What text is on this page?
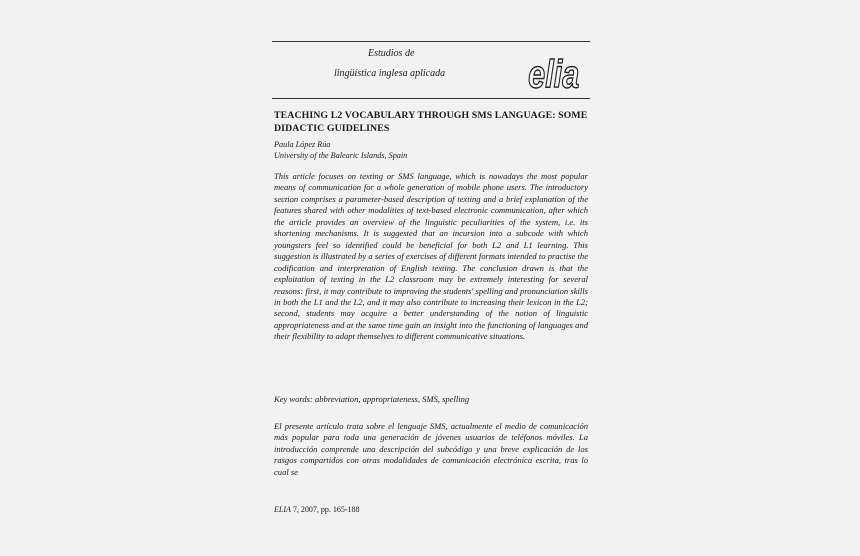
Estudios de
lingüística inglesa aplicada elia
TEACHING L2 VOCABULARY THROUGH SMS LANGUAGE: SOME DIDACTIC GUIDELINES
Paula López Rúa
University of the Balearic Islands, Spain

This article focuses on texting or SMS language, which is nowadays the most popular means of communication for a whole generation of mobile phone users. The introductory section comprises a parameter-based description of texting and a brief explanation of the features shared with other modalities of text-based electronic communication, after which the article provides an overview of the linguistic peculiarities of the system, i.e. its shortening mechanisms. It is suggested that an incursion into a subcode with which youngsters feel so identified could be beneficial for both L2 and L1 learning. This suggestion is illustrated by a series of exercises of different formats intended to practise the codification and interpretation of English texting. The conclusion drawn is that the exploitation of texting in the L2 classroom may be extremely interesting for several reasons: first, it may contribute to improving the students' spelling and pronunciation skills in both the L1 and the L2, and it may also contribute to increasing their lexicon in the L2; second, students may acquire a better understanding of the notion of linguistic appropriateness and at the same time gain an insight into the functioning of languages and their flexibility to adapt themselves to different communicative situations.

Key words: abbreviation, appropriateness, SMS, spelling

El presente artículo trata sobre el lenguaje SMS, actualmente el medio de comunicación más popular para toda una generación de jóvenes usuarios de teléfonos móviles. La introducción comprende una descripción del subcódigo y una breve explicación de los rasgos compartidos con otras modalidades de comunicación electrónica escrita, tras lo cual se

ELIA 7, 2007, pp. 165-188
